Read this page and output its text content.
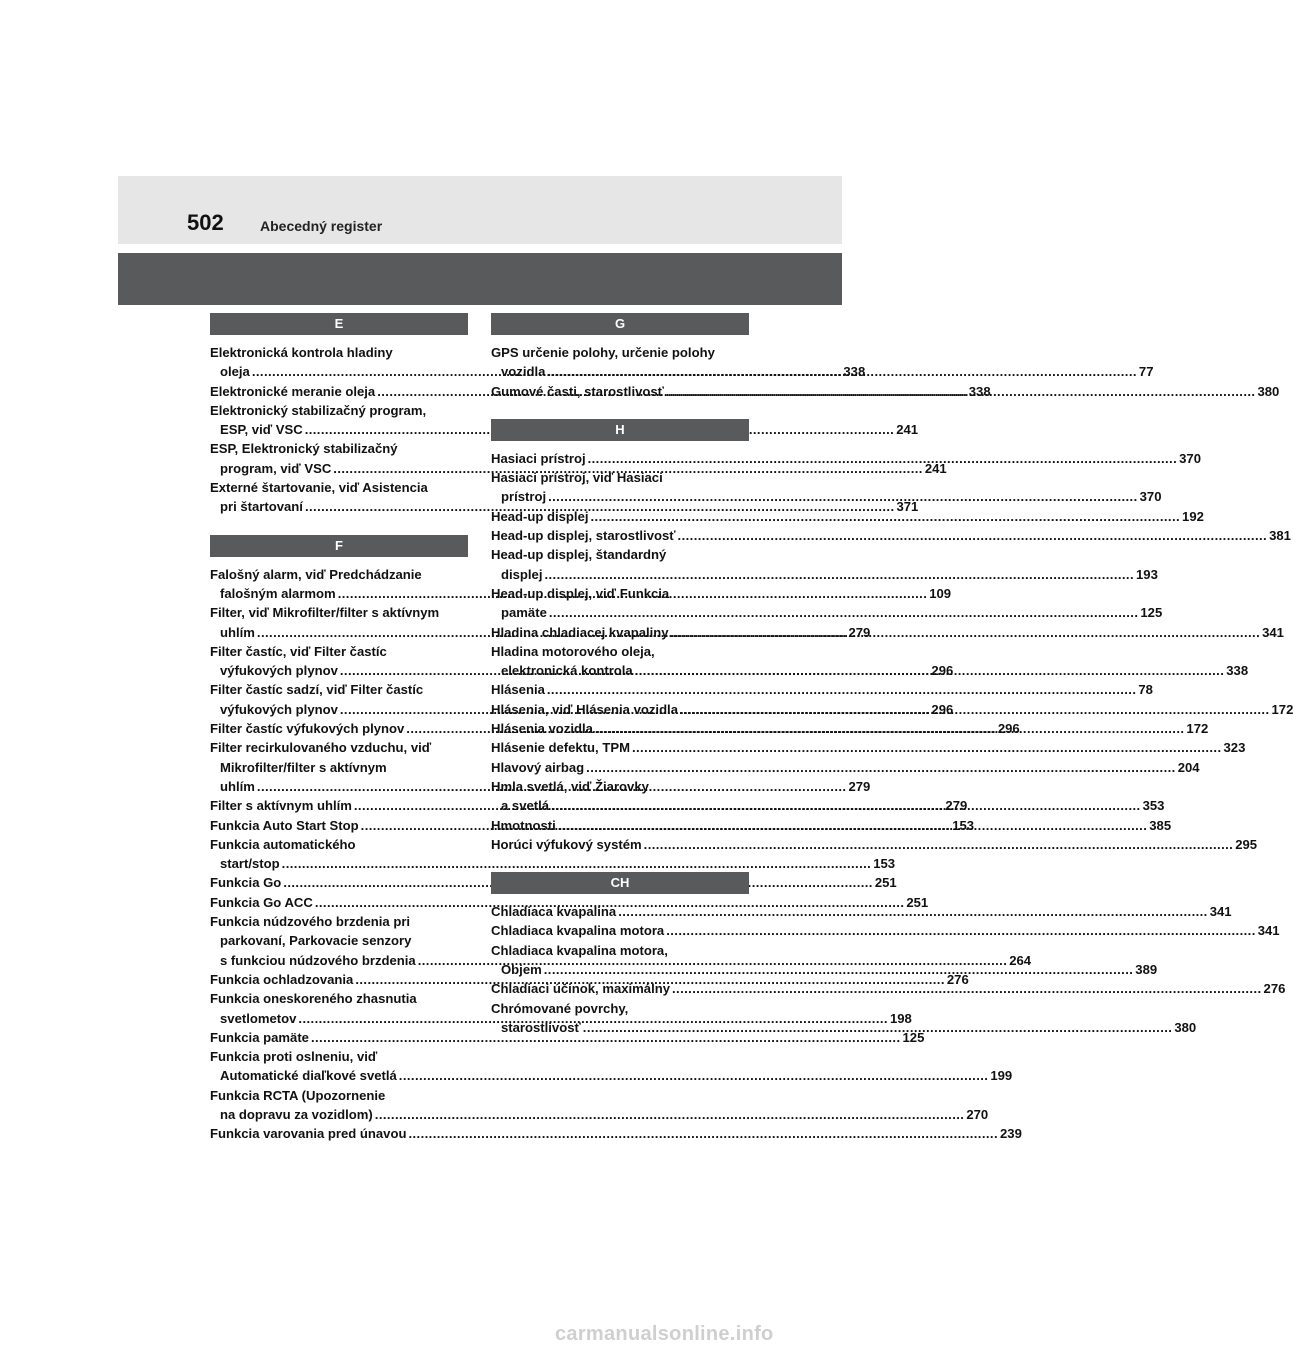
502	Abecedný register
E
Elektronická kontrola hladiny
oleja .....	338
Elektronické meranie oleja .....	338
Elektronický stabilizačný program,
ESP, viď VSC .....	241
ESP, Elektronický stabilizačný
program, viď VSC .....	241
Externé štartovanie, viď Asistencia
pri štartovaní .....	371
F
Falošný alarm, viď Predchádzanie
falošným alarmom .....	109
Filter, viď Mikrofilter/filter s aktívnym
uhlím .....	279
Filter častíc, viď Filter častíc
výfukových plynov .....	296
Filter častíc sadzí, viď Filter častíc
výfukových plynov .....	296
Filter častíc výfukových plynov .....	296
Filter recirkulovaného vzduchu, viď
Mikrofilter/filter s aktívnym
uhlím .....	279
Filter s aktívnym uhlím .....	279
Funkcia Auto Start Stop .....	153
Funkcia automatického
start/stop .....	153
Funkcia Go .....	251
Funkcia Go ACC .....	251
Funkcia núdzového brzdenia pri
parkovaní, Parkovacie senzory
s funkciou núdzového brzdenia .....	264
Funkcia ochladzovania .....	276
Funkcia oneskoreného zhasnutia
svetlometov .....	198
Funkcia pamäte .....	125
Funkcia proti oslneniu, viď
Automatické diaľkové svetlá .....	199
Funkcia RCTA (Upozornenie
na dopravu za vozidlom) .....	270
Funkcia varovania pred únavou .....	239
G
GPS určenie polohy, určenie polohy
vozidla .....	77
Gumové časti, starostlivosť .....	380
H
Hasiaci prístroj .....	370
Hasiaci prístroj, viď Hasiaci
prístroj .....	370
Head-up displej .....	192
Head-up displej, starostlivosť .....	381
Head-up displej, štandardný
displej .....	193
Head-up displej, viď Funkcia
pamäte .....	125
Hladina chladiacej kvapaliny .....	341
Hladina motorového oleja,
elektronická kontrola .....	338
Hlásenia .....	78
Hlásenia, viď Hlásenia vozidla .....	172
Hlásenia vozidla .....	172
Hlásenie defektu, TPM .....	323
Hlavový airbag .....	204
Hmla svetlá, viď Žiarovky
a svetlá .....	353
Hmotnosti .....	385
Horúci výfukový systém .....	295
CH
Chladiaca kvapalina .....	341
Chladiaca kvapalina motora .....	341
Chladiaca kvapalina motora,
Objem .....	389
Chladiaci účinok, maximálny .....	276
Chrómované povrchy,
starostlivosť .....	380
carmanualsonline.info
